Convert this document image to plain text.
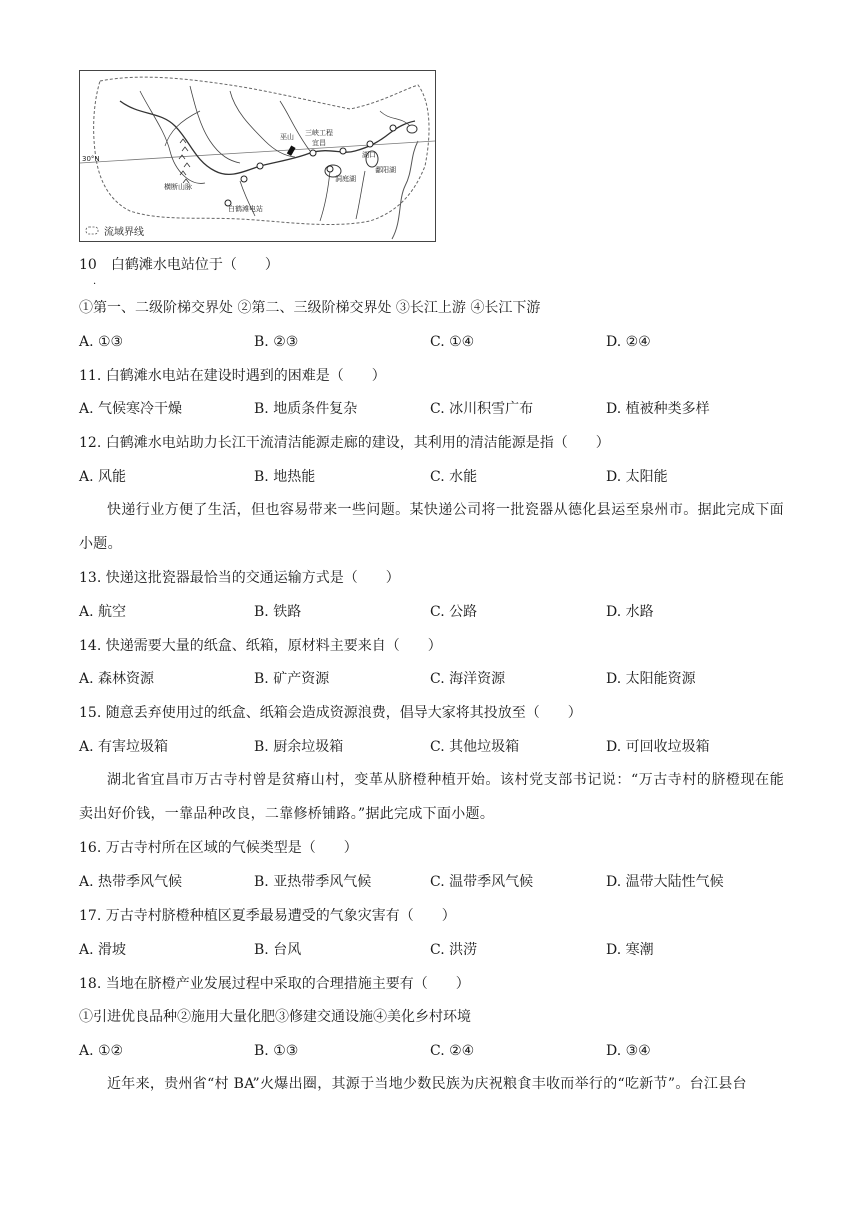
30°N
横断山脉
巫山 三峡工程
宜昌
湖口
鄱阳湖
洞庭湖
白鹤滩电站
流域界线
10　白鹤滩水电站位于（　　）
·
①第一、二级阶梯交界处 ②第二、三级阶梯交界处 ③长江上游 ④长江下游
A. ①③	B. ②③	C. ①④	D. ②④
11. 白鹤滩水电站在建设时遇到的困难是（　　）
A. 气候寒冷干燥	B. 地质条件复杂	C. 冰川积雪广布	D. 植被种类多样
12. 白鹤滩水电站助力长江干流清洁能源走廊的建设，其利用的清洁能源是指（　　）
A. 风能	B. 地热能	C. 水能	D. 太阳能
快递行业方便了生活，但也容易带来一些问题。某快递公司将一批瓷器从德化县运至泉州市。据此完成下面小题。
13. 快递这批瓷器最恰当的交通运输方式是（　　）
A. 航空	B. 铁路	C. 公路	D. 水路
14. 快递需要大量的纸盒、纸箱，原材料主要来自（　　）
A. 森林资源	B. 矿产资源	C. 海洋资源	D. 太阳能资源
15. 随意丢弃使用过的纸盒、纸箱会造成资源浪费，倡导大家将其投放至（　　）
A. 有害垃圾箱	B. 厨余垃圾箱	C. 其他垃圾箱	D. 可回收垃圾箱
湖北省宜昌市万古寺村曾是贫瘠山村，变革从脐橙种植开始。该村党支部书记说：“万古寺村的脐橙现在能卖出好价钱，一靠品种改良，二靠修桥铺路。”据此完成下面小题。
16. 万古寺村所在区域的气候类型是（　　）
A. 热带季风气候	B. 亚热带季风气候	C. 温带季风气候	D. 温带大陆性气候
17. 万古寺村脐橙种植区夏季最易遭受的气象灾害有（　　）
A. 滑坡	B. 台风	C. 洪涝	D. 寒潮
18. 当地在脐橙产业发展过程中采取的合理措施主要有（　　）
①引进优良品种②施用大量化肥③修建交通设施④美化乡村环境
A. ①②	B. ①③	C. ②④	D. ③④
近年来，贵州省“村 BA”火爆出圈，其源于当地少数民族为庆祝粮食丰收而举行的“吃新节”。台江县台
